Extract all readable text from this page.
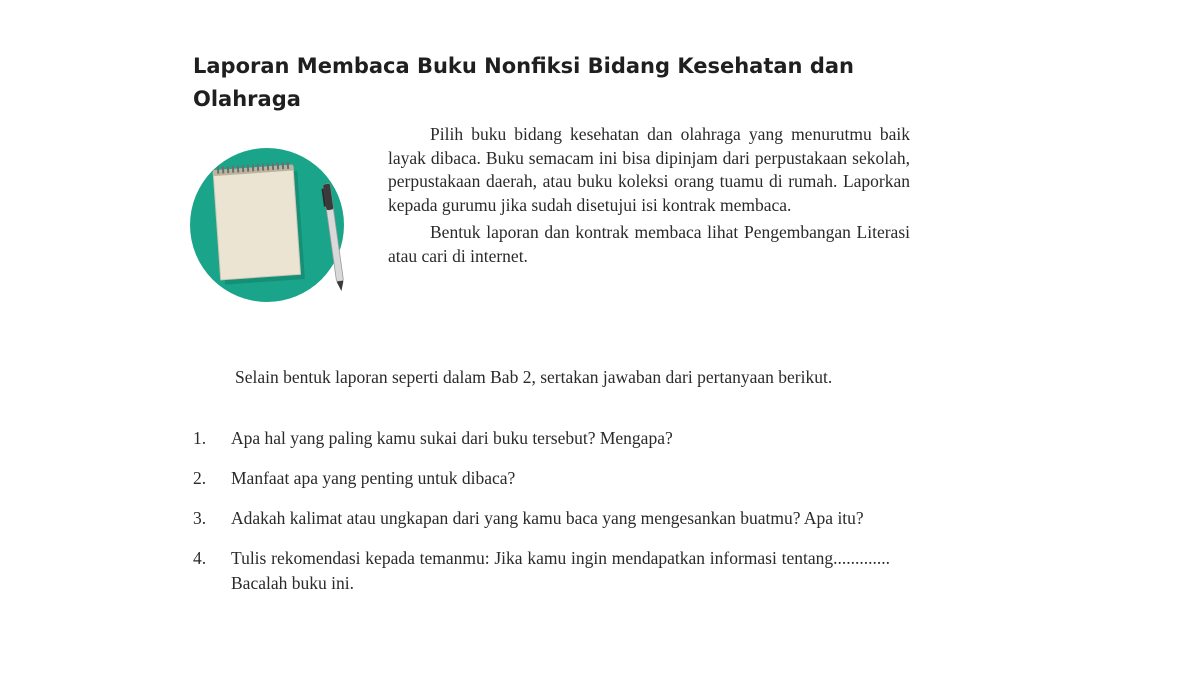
Laporan Membaca Buku Nonfiksi Bidang Kesehatan dan Olahraga

Pilih buku bidang kesehatan dan olahraga yang menurutmu baik layak dibaca. Buku semacam ini bisa dipinjam dari perpustakaan sekolah, perpustakaan daerah, atau buku koleksi orang tuamu di rumah. Laporkan kepada gurumu jika sudah disetujui isi kontrak membaca.

Bentuk laporan dan kontrak membaca lihat Pengembangan Literasi atau cari di internet.

Selain bentuk laporan seperti dalam Bab 2, sertakan jawaban dari pertanyaan berikut.

1.	Apa hal yang paling kamu sukai dari buku tersebut? Mengapa?
2.	Manfaat apa yang penting untuk dibaca?
3.	Adakah kalimat atau ungkapan dari yang kamu baca yang mengesankan buatmu? Apa itu?
4.	Tulis rekomendasi kepada temanmu: Jika kamu ingin mendapatkan informasi tentang............. Bacalah buku ini.
